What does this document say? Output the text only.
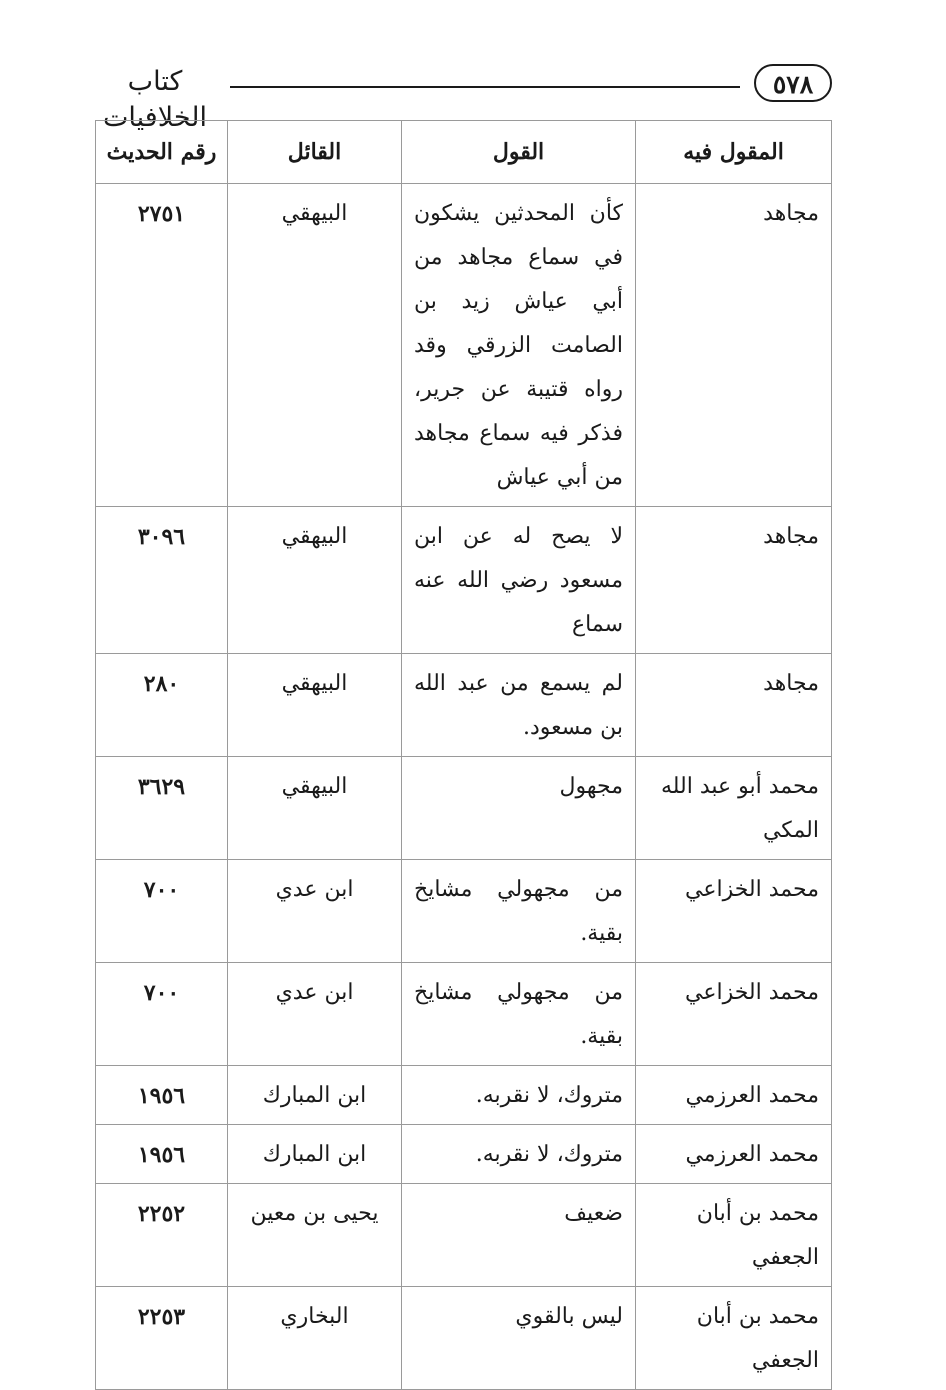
كتاب الخلافيات
٥٧٨
المقول فيه	القول	القائل	رقم الحديث
مجاهد	كأن المحدثين يشكون في سماع مجاهد من أبي عياش زيد بن الصامت الزرقي وقد رواه قتيبة عن جرير، فذكر فيه سماع مجاهد من أبي عياش	البيهقي	٢٧٥١
مجاهد	لا يصح له عن ابن مسعود رضي الله عنه سماع	البيهقي	٣٠٩٦
مجاهد	لم يسمع من عبد الله بن مسعود.	البيهقي	٢٨٠
محمد أبو عبد الله المكي	مجهول	البيهقي	٣٦٢٩
محمد الخزاعي	من مجهولي مشايخ بقية.	ابن عدي	٧٠٠
محمد الخزاعي	من مجهولي مشايخ بقية.	ابن عدي	٧٠٠
محمد العرزمي	متروك، لا نقربه.	ابن المبارك	١٩٥٦
محمد العرزمي	متروك، لا نقربه.	ابن المبارك	١٩٥٦
محمد بن أبان الجعفي	ضعيف	يحيى بن معين	٢٢٥٢
محمد بن أبان الجعفي	ليس بالقوي	البخاري	٢٢٥٣
